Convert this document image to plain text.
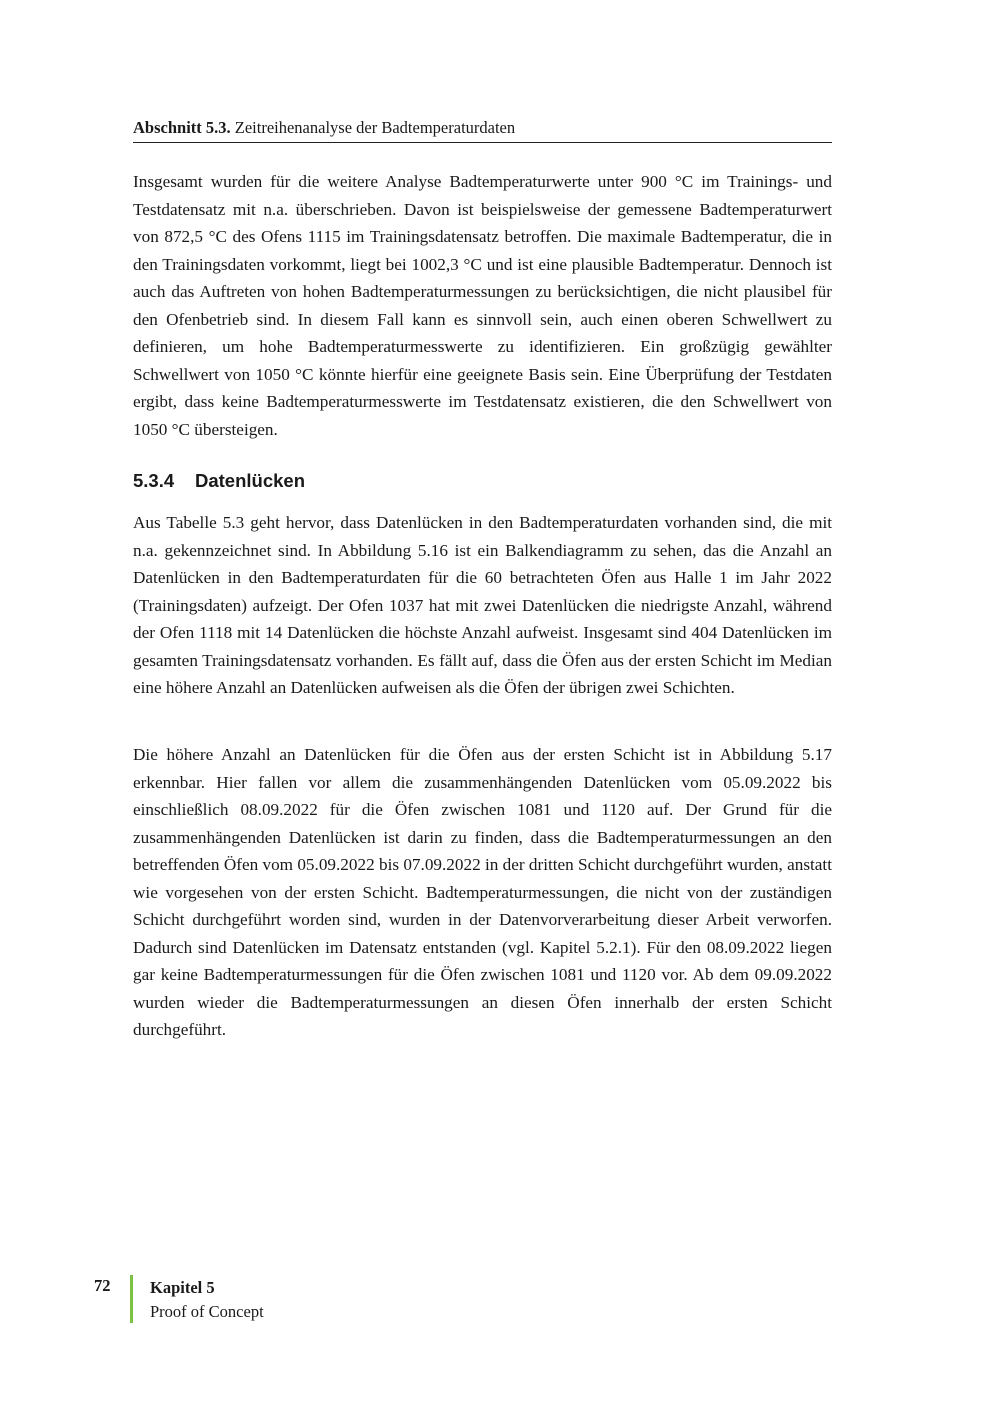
Abschnitt 5.3. Zeitreihenanalyse der Badtemperaturdaten

Insgesamt wurden für die weitere Analyse Badtemperaturwerte unter 900 °C im Trainings- und Testdatensatz mit n.a. überschrieben. Davon ist beispielsweise der gemessene Badtemperaturwert von 872,5 °C des Ofens 1115 im Trainingsdatensatz betroffen. Die maximale Badtemperatur, die in den Trainingsdaten vorkommt, liegt bei 1002,3 °C und ist eine plausible Badtemperatur. Dennoch ist auch das Auftreten von hohen Badtemperaturmessungen zu berücksichtigen, die nicht plausibel für den Ofenbetrieb sind. In diesem Fall kann es sinnvoll sein, auch einen oberen Schwellwert zu definieren, um hohe Badtemperaturmesswerte zu identifizieren. Ein großzügig gewählter Schwellwert von 1050 °C könnte hierfür eine geeignete Basis sein. Eine Überprüfung der Testdaten ergibt, dass keine Badtemperaturmesswerte im Testdatensatz existieren, die den Schwellwert von 1050 °C übersteigen.

5.3.4 Datenlücken

Aus Tabelle 5.3 geht hervor, dass Datenlücken in den Badtemperaturdaten vorhanden sind, die mit n.a. gekennzeichnet sind. In Abbildung 5.16 ist ein Balkendiagramm zu sehen, das die Anzahl an Datenlücken in den Badtemperaturdaten für die 60 betrachteten Öfen aus Halle 1 im Jahr 2022 (Trainingsdaten) aufzeigt. Der Ofen 1037 hat mit zwei Datenlücken die niedrigste Anzahl, während der Ofen 1118 mit 14 Datenlücken die höchste Anzahl aufweist. Insgesamt sind 404 Datenlücken im gesamten Trainingsdatensatz vorhanden. Es fällt auf, dass die Öfen aus der ersten Schicht im Median eine höhere Anzahl an Datenlücken aufweisen als die Öfen der übrigen zwei Schichten.

Die höhere Anzahl an Datenlücken für die Öfen aus der ersten Schicht ist in Abbildung 5.17 erkennbar. Hier fallen vor allem die zusammenhängenden Datenlücken vom 05.09.2022 bis einschließlich 08.09.2022 für die Öfen zwischen 1081 und 1120 auf. Der Grund für die zusammenhängenden Datenlücken ist darin zu finden, dass die Badtemperaturmessungen an den betreffenden Öfen vom 05.09.2022 bis 07.09.2022 in der dritten Schicht durchgeführt wurden, anstatt wie vorgesehen von der ersten Schicht. Badtemperaturmessungen, die nicht von der zuständigen Schicht durchgeführt worden sind, wurden in der Datenvorverarbeitung dieser Arbeit verworfen. Dadurch sind Datenlücken im Datensatz entstanden (vgl. Kapitel 5.2.1). Für den 08.09.2022 liegen gar keine Badtemperaturmessungen für die Öfen zwischen 1081 und 1120 vor. Ab dem 09.09.2022 wurden wieder die Badtemperaturmessungen an diesen Öfen innerhalb der ersten Schicht durchgeführt.

72 Kapitel 5
Proof of Concept
